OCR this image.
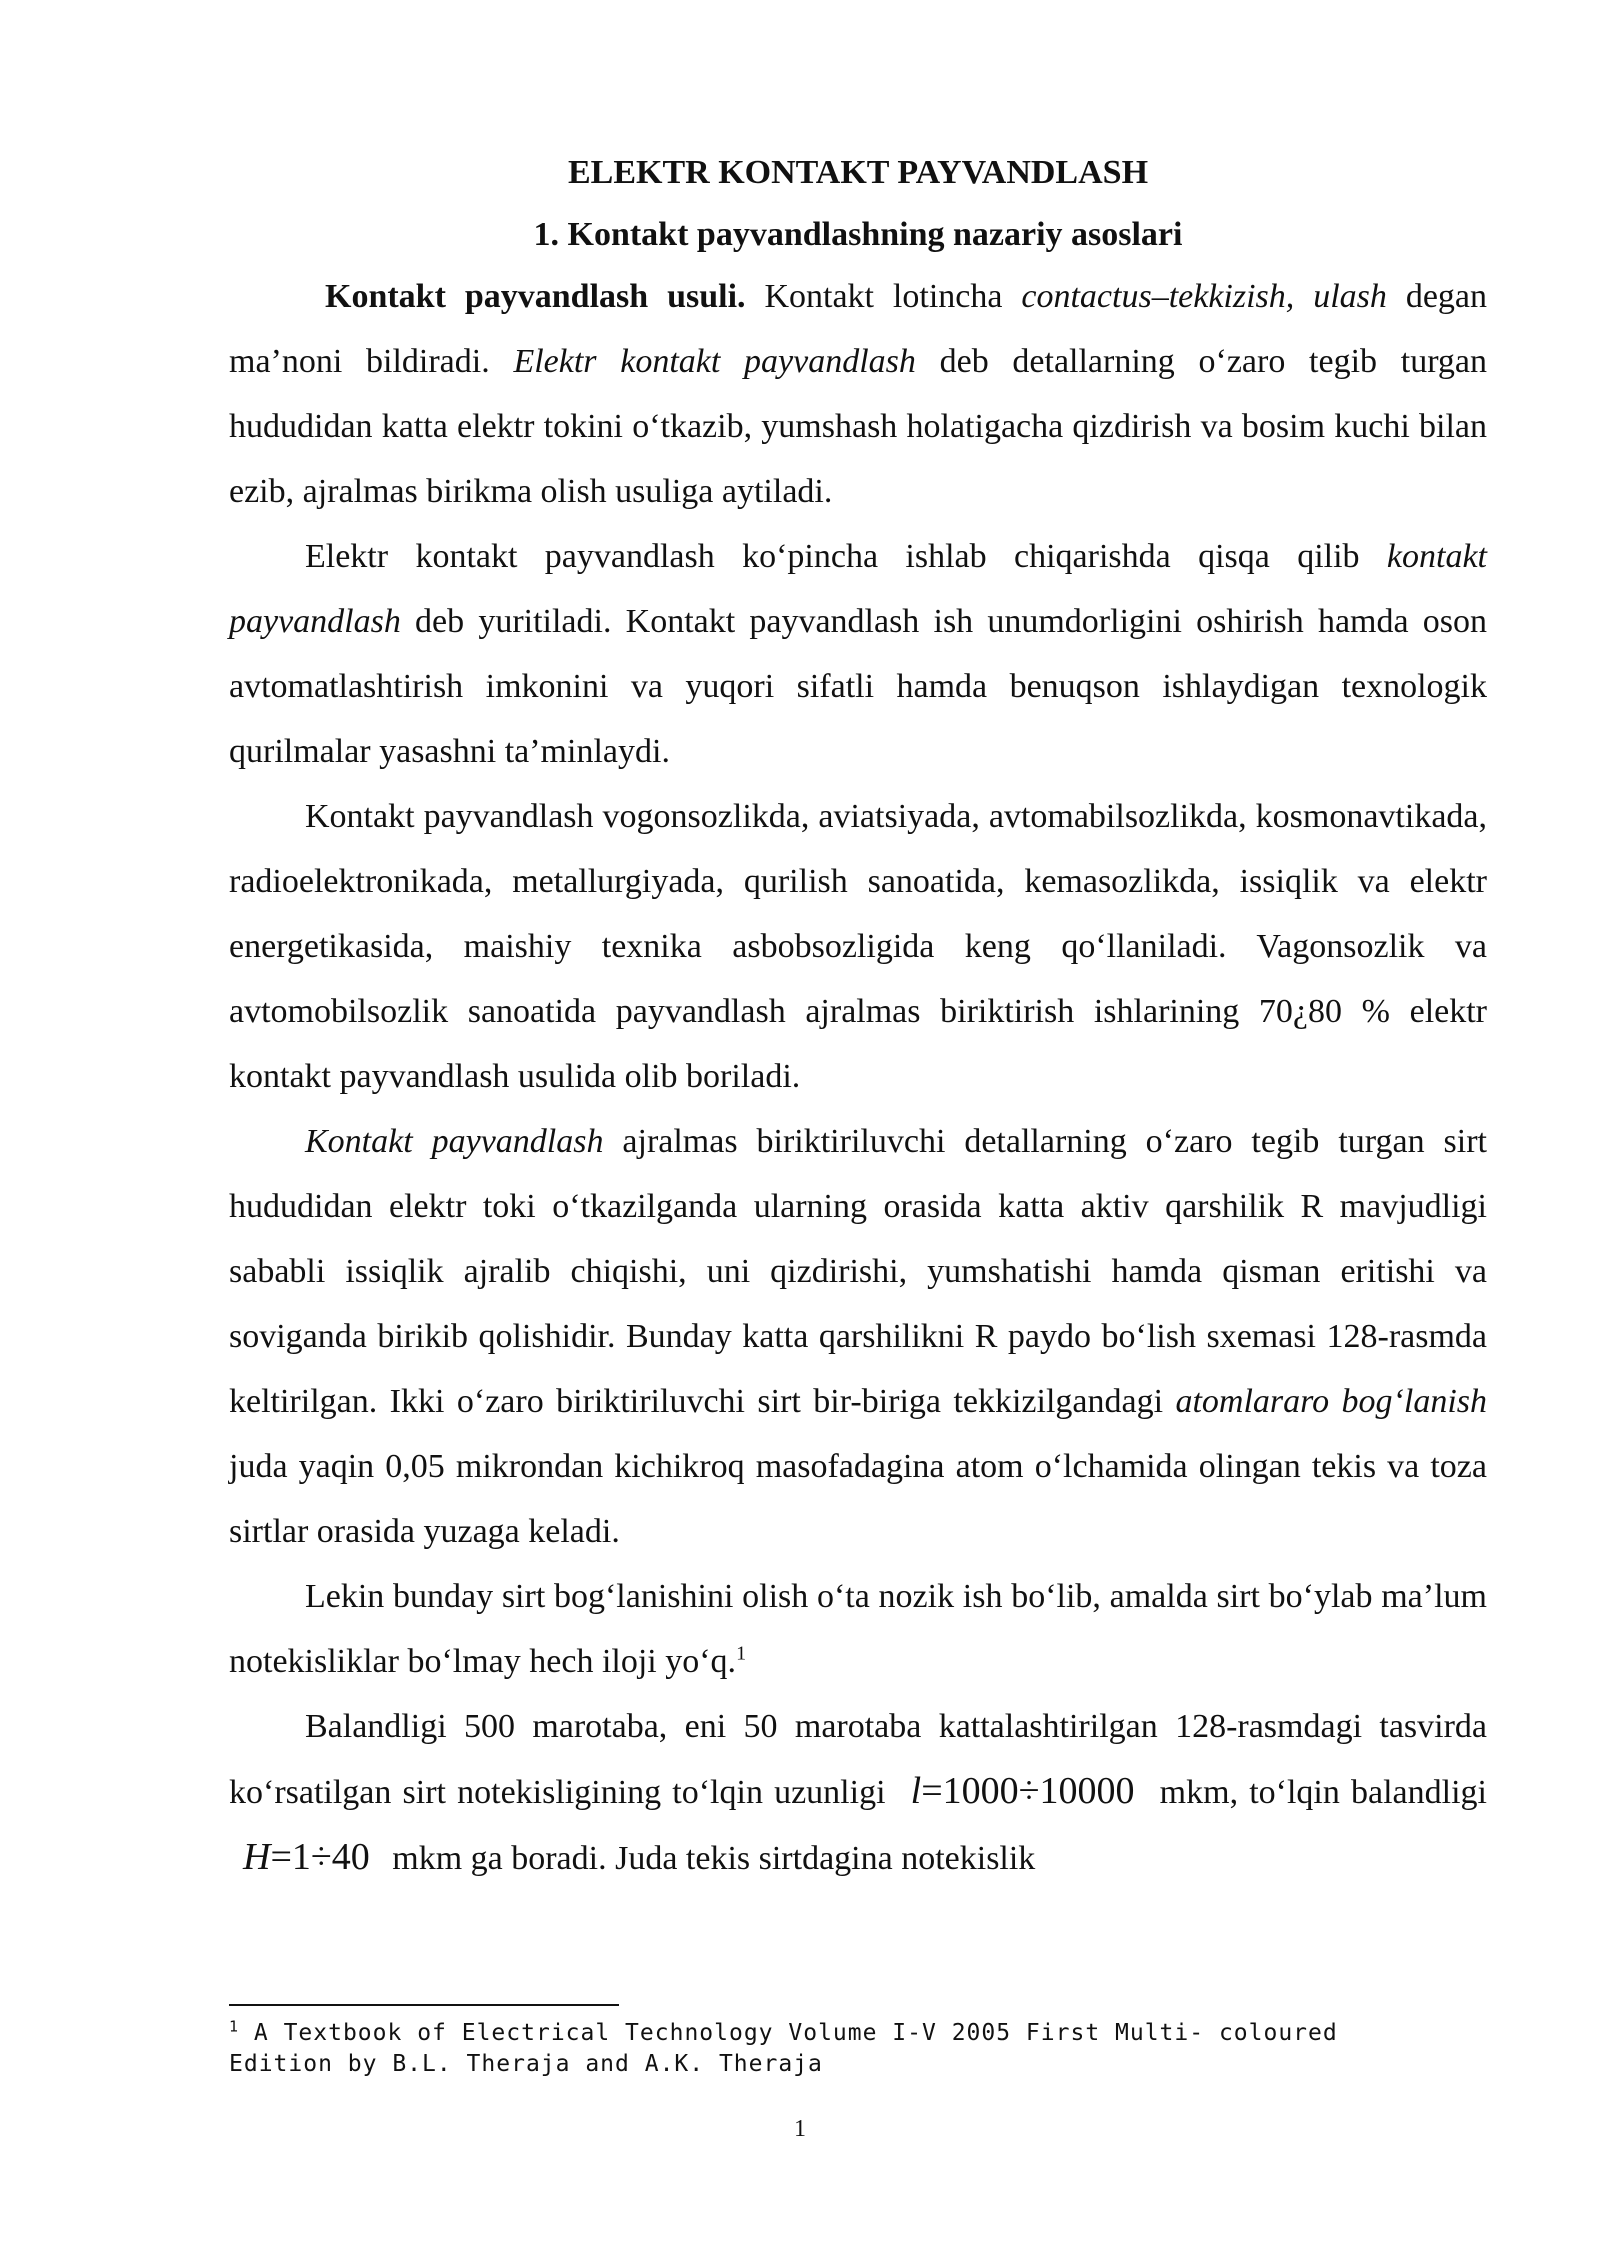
ELEKTR KONTAKT PAYVANDLASH
1. Kontakt payvandlashning nazariy asoslari

Kontakt payvandlash usuli. Kontakt lotincha contactus–tekkizish, ulash degan ma’noni bildiradi. Elektr kontakt payvandlash deb detallarning o‘zaro tegib turgan hududidan katta elektr tokini o‘tkazib, yumshash holatigacha qizdirish va bosim kuchi bilan ezib, ajralmas birikma olish usuliga aytiladi.

Elektr kontakt payvandlash ko‘pincha ishlab chiqarishda qisqa qilib kontakt payvandlash deb yuritiladi. Kontakt payvandlash ish unumdorligini oshirish hamda oson avtomatlashtirish imkonini va yuqori sifatli hamda benuqson ishlaydigan texnologik qurilmalar yasashni ta’minlaydi.

Kontakt payvandlash vogonsozlikda, aviatsiyada, avtomabilsozlikda, kosmonavtikada, radioelektronikada, metallurgiyada, qurilish sanoatida, kemasozlikda, issiqlik va elektr energetikasida, maishiy texnika asbobsozligida keng qo‘llaniladi. Vagonsozlik va avtomobilsozlik sanoatida payvandlash ajralmas biriktirish ishlarining 70¿80 % elektr kontakt payvandlash usulida olib boriladi.

Kontakt payvandlash ajralmas biriktiriluvchi detallarning o‘zaro tegib turgan sirt hududidan elektr toki o‘tkazilganda ularning orasida katta aktiv qarshilik R mavjudligi sababli issiqlik ajralib chiqishi, uni qizdirishi, yumshatishi hamda qisman eritishi va soviganda birikib qolishidir. Bunday katta qarshilikni R paydo bo‘lish sxemasi 128-rasmda keltirilgan. Ikki o‘zaro biriktiriluvchi sirt bir-biriga tekkizilgandagi atomlararo bog‘lanish juda yaqin 0,05 mikrondan kichikroq masofadagina atom o‘lchamida olingan tekis va toza sirtlar orasida yuzaga keladi.

Lekin bunday sirt bog‘lanishini olish o‘ta nozik ish bo‘lib, amalda sirt bo‘ylab ma’lum notekisliklar bo‘lmay hech iloji yo‘q.$^1$

Balandligi 500 marotaba, eni 50 marotaba kattalashtirilgan 128-rasmdagi tasvirda ko‘rsatilgan sirt notekisligining to‘lqin uzunligi l=1000÷10000 mkm, to‘lqin balandligi H=1÷40 mkm ga boradi. Juda tekis sirtdagina notekislik

$^1$ A Textbook of Electrical Technology Volume I-V 2005 First Multi- coloured Edition by B.L. Theraja and A.K. Theraja
1
